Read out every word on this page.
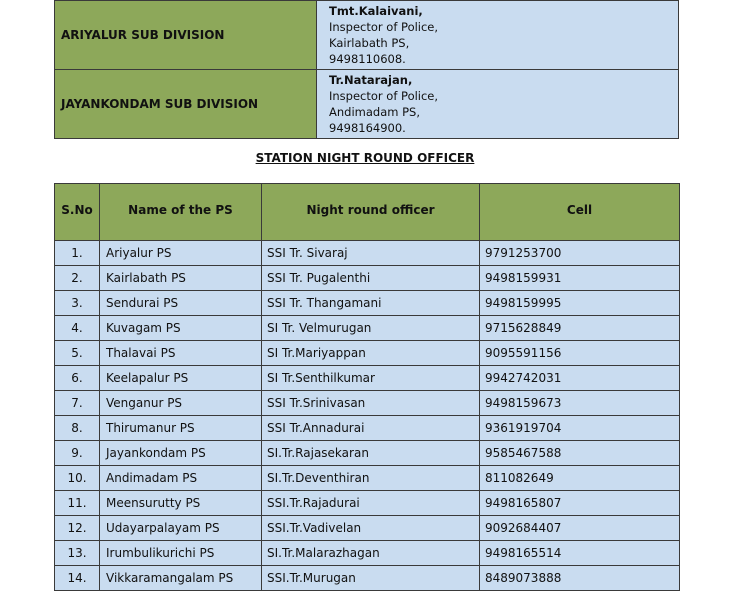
ARIYALUR SUB DIVISION	Tmt.Kalaivani,
Inspector of Police,
Kairlabath PS,
9498110608.

JAYANKONDAM SUB DIVISION	Tr.Natarajan,
Inspector of Police,
Andimadam PS,
9498164900.
STATION NIGHT ROUND OFFICER
S.No	Name of the PS	Night round officer	Cell
1.	Ariyalur PS	SSI Tr. Sivaraj	9791253700
2.	Kairlabath PS	SSI Tr. Pugalenthi	9498159931
3.	Sendurai PS	SSI Tr. Thangamani	9498159995
4.	Kuvagam PS	SI Tr. Velmurugan	9715628849
5.	Thalavai PS	SI Tr.Mariyappan	9095591156
6.	Keelapalur PS	SI Tr.Senthilkumar	9942742031
7.	Venganur PS	SSI Tr.Srinivasan	9498159673
8.	Thirumanur PS	SSI Tr.Annadurai	9361919704
9.	Jayankondam PS	SI.Tr.Rajasekaran	9585467588
10.	Andimadam PS	SI.Tr.Deventhiran	811082649
11.	Meensurutty PS	SSI.Tr.Rajadurai	9498165807
12.	Udayarpalayam PS	SSI.Tr.Vadivelan	9092684407
13.	Irumbulikurichi PS	SI.Tr.Malarazhagan	9498165514
14.	Vikkaramangalam PS	SSI.Tr.Murugan	8489073888
